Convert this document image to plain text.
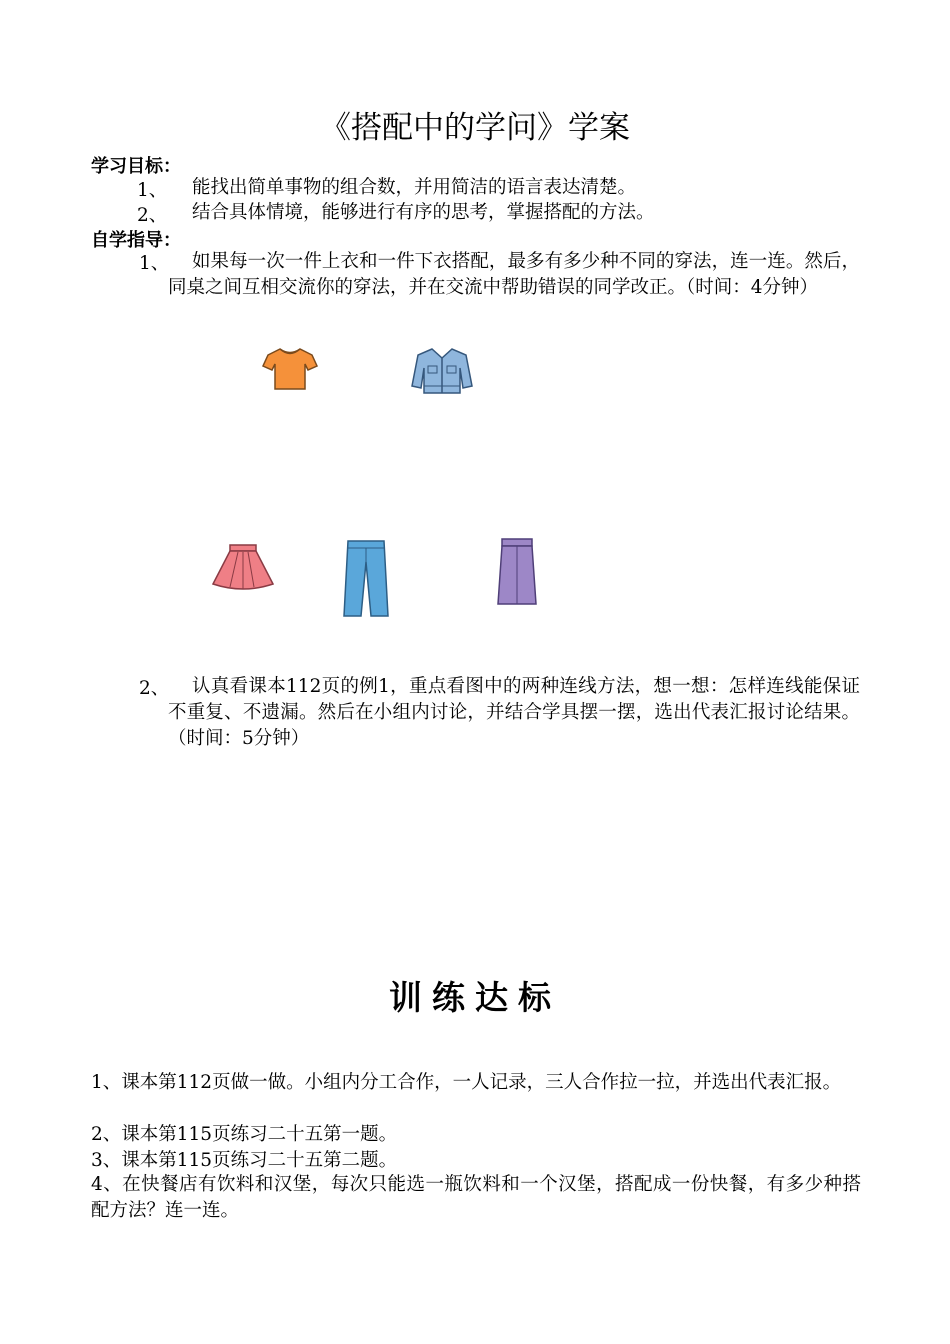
《搭配中的学问》学案
学习目标：
1、 能找出简单事物的组合数，并用简洁的语言表达清楚。
2、 结合具体情境，能够进行有序的思考，掌握搭配的方法。
自学指导：
1、	如果每一次一件上衣和一件下衣搭配，最多有多少种不同的穿法，连一连。然后，同桌之间互相交流你的穿法，并在交流中帮助错误的同学改正。（时间：4分钟）
2、	认真看课本112页的例1，重点看图中的两种连线方法，想一想：怎样连线能保证不重复、不遗漏。然后在小组内讨论，并结合学具摆一摆，选出代表汇报讨论结果。（时间：5分钟）
训练达标
1、课本第112页做一做。小组内分工合作，一人记录，三人合作拉一拉，并选出代表汇报。
2、课本第115页练习二十五第一题。
3、课本第115页练习二十五第二题。
4、在快餐店有饮料和汉堡，每次只能选一瓶饮料和一个汉堡，搭配成一份快餐，有多少种搭配方法？连一连。
